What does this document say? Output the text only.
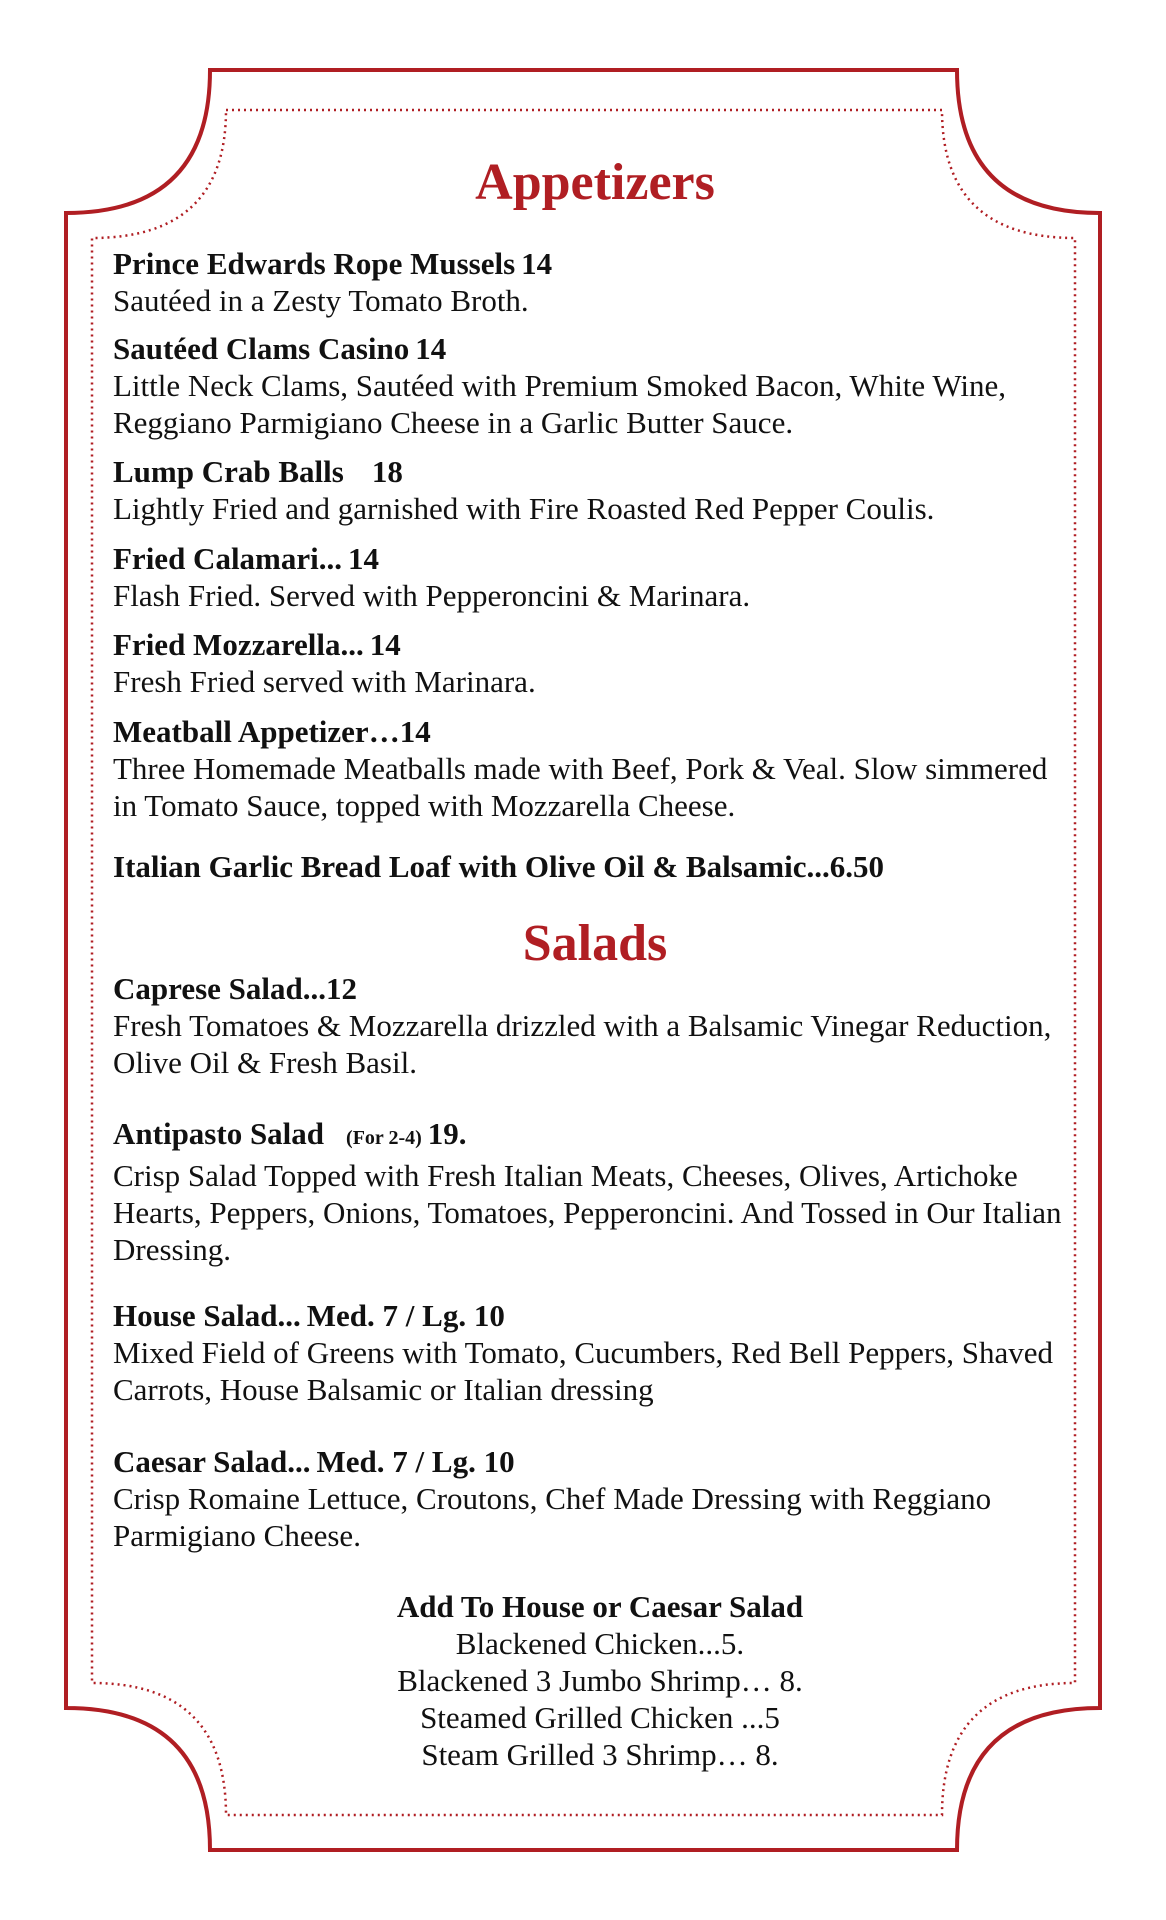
Appetizers
Prince Edwards Rope Mussels 14
Sautéed in a Zesty Tomato Broth.
Sautéed Clams Casino 14
Little Neck Clams, Sautéed with Premium Smoked Bacon, White Wine, Reggiano Parmigiano Cheese in a Garlic Butter Sauce.
Lump Crab Balls 18
Lightly Fried and garnished with Fire Roasted Red Pepper Coulis.
Fried Calamari... 14
Flash Fried. Served with Pepperoncini & Marinara.
Fried Mozzarella... 14
Fresh Fried served with Marinara.
Meatball Appetizer…14
Three Homemade Meatballs made with Beef, Pork & Veal. Slow simmered in Tomato Sauce, topped with Mozzarella Cheese.
Italian Garlic Bread Loaf with Olive Oil & Balsamic...6.50
Salads
Caprese Salad...12
Fresh Tomatoes & Mozzarella drizzled with a Balsamic Vinegar Reduction, Olive Oil & Fresh Basil.
Antipasto Salad (For 2-4) 19.
Crisp Salad Topped with Fresh Italian Meats, Cheeses, Olives, Artichoke Hearts, Peppers, Onions, Tomatoes, Pepperoncini. And Tossed in Our Italian Dressing.
House Salad... Med. 7 / Lg. 10
Mixed Field of Greens with Tomato, Cucumbers, Red Bell Peppers, Shaved Carrots, House Balsamic or Italian dressing
Caesar Salad... Med. 7 / Lg. 10
Crisp Romaine Lettuce, Croutons, Chef Made Dressing with Reggiano Parmigiano Cheese.
Add To House or Caesar Salad
Blackened Chicken...5.
Blackened 3 Jumbo Shrimp… 8.
Steamed Grilled Chicken ...5
Steam Grilled 3 Shrimp… 8.
